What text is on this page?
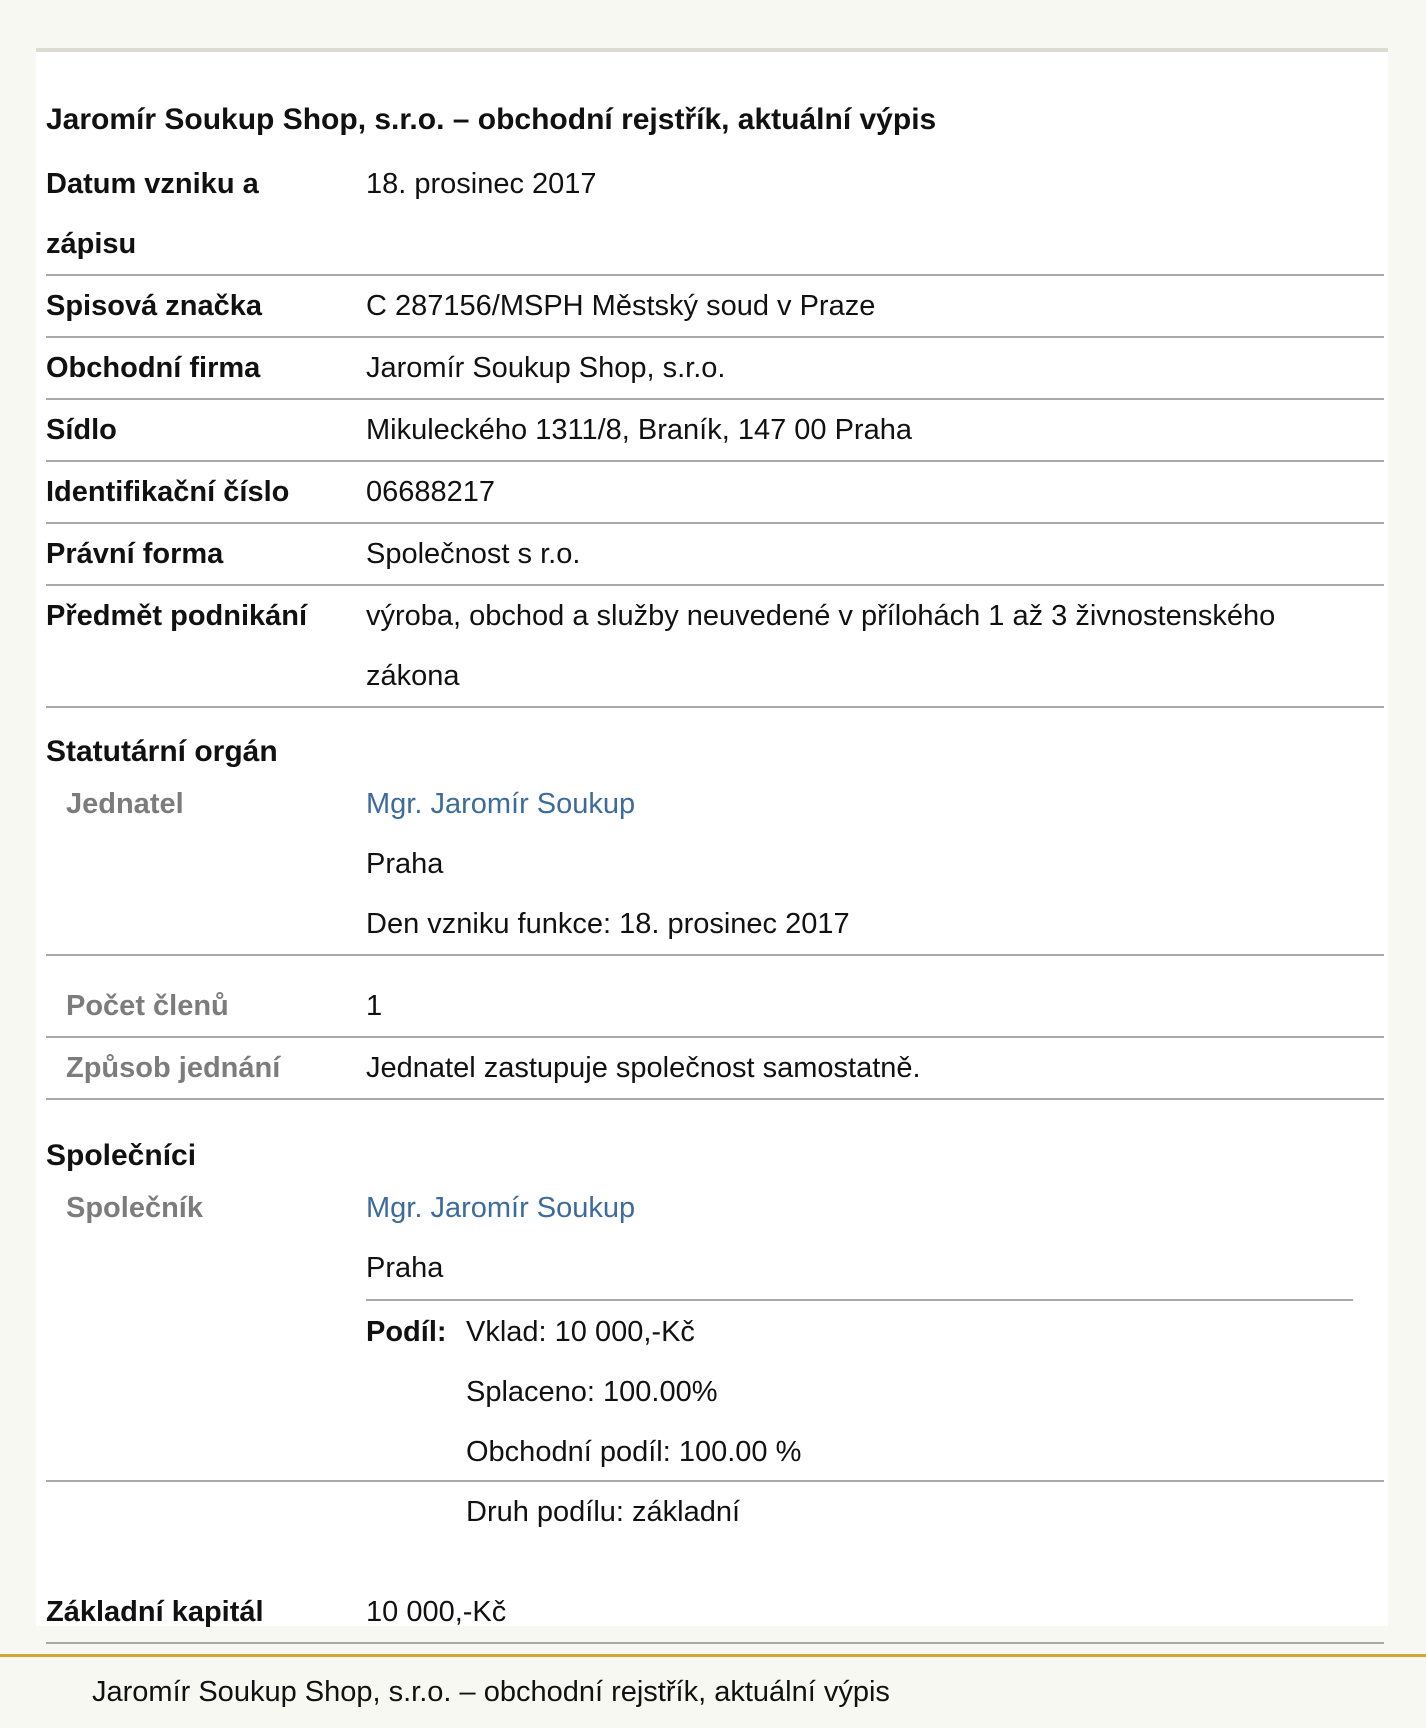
Jaromír Soukup Shop, s.r.o. – obchodní rejstřík, aktuální výpis
Datum vzniku a
zápisu
18. prosinec 2017
Spisová značka	C 287156/MSPH Městský soud v Praze
Obchodní firma	Jaromír Soukup Shop, s.r.o.
Sídlo	Mikuleckého 1311/8, Braník, 147 00 Praha
Identifikační číslo	06688217
Právní forma	Společnost s r.o.
Předmět podnikání	výroba, obchod a služby neuvedené v přílohách 1 až 3 živnostenského
zákona
Statutární orgán
Jednatel	Mgr. Jaromír Soukup
Praha
Den vzniku funkce: 18. prosinec 2017
Počet členů	1
Způsob jednání	Jednatel zastupuje společnost samostatně.
Společníci
Společník	Mgr. Jaromír Soukup
Praha
Podíl: Vklad: 10 000,-Kč
Splaceno: 100.00%
Obchodní podíl: 100.00 %
Druh podílu: základní
Základní kapitál	10 000,-Kč
Jaromír Soukup Shop, s.r.o. – obchodní rejstřík, aktuální výpis
